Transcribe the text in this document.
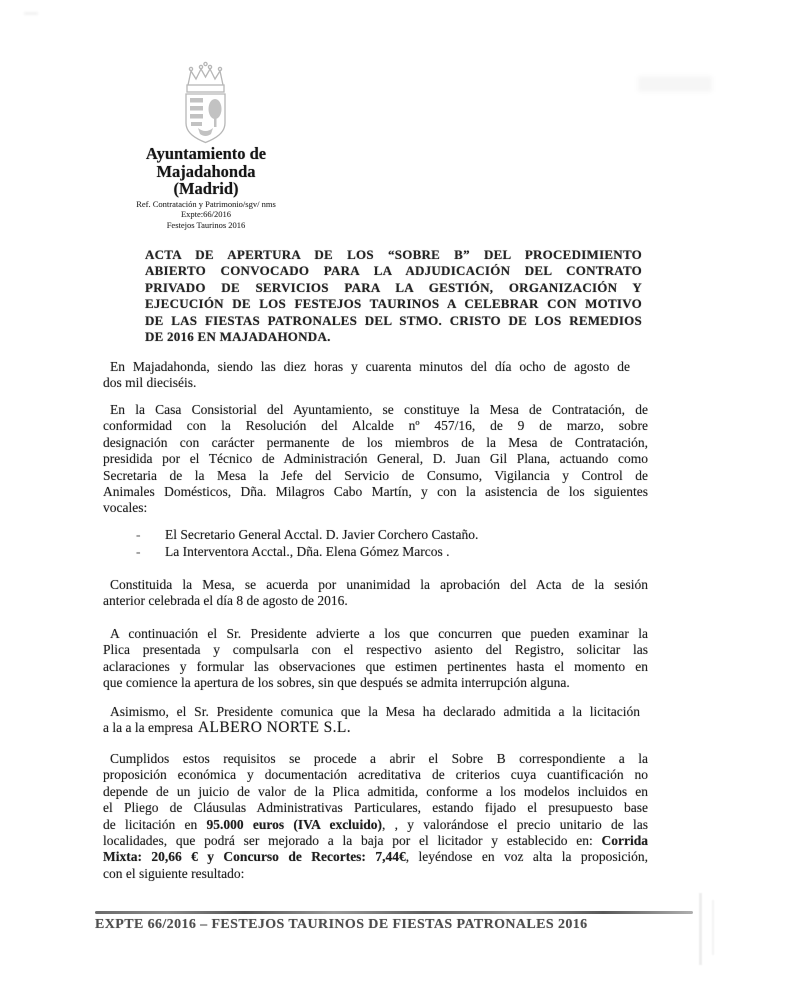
Ayuntamiento de
Majadahonda
(Madrid)
Ref. Contratación y Patrimonio/sgv/ nms
Expte:66/2016
Festejos Taurinos 2016
ACTA DE APERTURA DE LOS “SOBRE B” DEL PROCEDIMIENTO
ABIERTO CONVOCADO PARA LA ADJUDICACIÓN DEL CONTRATO
PRIVADO DE SERVICIOS PARA LA GESTIÓN, ORGANIZACIÓN Y
EJECUCIÓN DE LOS FESTEJOS TAURINOS A CELEBRAR CON MOTIVO
DE LAS FIESTAS PATRONALES DEL STMO. CRISTO DE LOS REMEDIOS
DE 2016 EN MAJADAHONDA.
En Majadahonda, siendo las diez horas y cuarenta minutos del día ocho de agosto de
dos mil dieciséis.
En la Casa Consistorial del Ayuntamiento, se constituye la Mesa de Contratación, de
conformidad con la Resolución del Alcalde nº 457/16, de 9 de marzo, sobre
designación con carácter permanente de los miembros de la Mesa de Contratación,
presidida por el Técnico de Administración General, D. Juan Gil Plana, actuando como
Secretaria de la Mesa la Jefe del Servicio de Consumo, Vigilancia y Control de
Animales Domésticos, Dña. Milagros Cabo Martín, y con la asistencia de los siguientes
vocales:
-	El Secretario General Acctal. D. Javier Corchero Castaño.
-	La Interventora Acctal., Dña. Elena Gómez Marcos .
Constituida la Mesa, se acuerda por unanimidad la aprobación del Acta de la sesión
anterior celebrada el día 8 de agosto de 2016.
A continuación el Sr. Presidente advierte a los que concurren que pueden examinar la
Plica presentada y compulsarla con el respectivo asiento del Registro, solicitar las
aclaraciones y formular las observaciones que estimen pertinentes hasta el momento en
que comience la apertura de los sobres, sin que después se admita interrupción alguna.
Asimismo, el Sr. Presidente comunica que la Mesa ha declarado admitida a la licitación
a la a la empresa ALBERO NORTE S.L.
Cumplidos estos requisitos se procede a abrir el Sobre B correspondiente a la
proposición económica y documentación acreditativa de criterios cuya cuantificación no
depende de un juicio de valor de la Plica admitida, conforme a los modelos incluidos en
el Pliego de Cláusulas Administrativas Particulares, estando fijado el presupuesto base
de licitación en 95.000 euros (IVA excluido), , y valorándose el precio unitario de las
localidades, que podrá ser mejorado a la baja por el licitador y establecido en: Corrida
Mixta: 20,66 € y Concurso de Recortes: 7,44€, leyéndose en voz alta la proposición,
con el siguiente resultado:
EXPTE 66/2016 – FESTEJOS TAURINOS DE FIESTAS PATRONALES 2016
